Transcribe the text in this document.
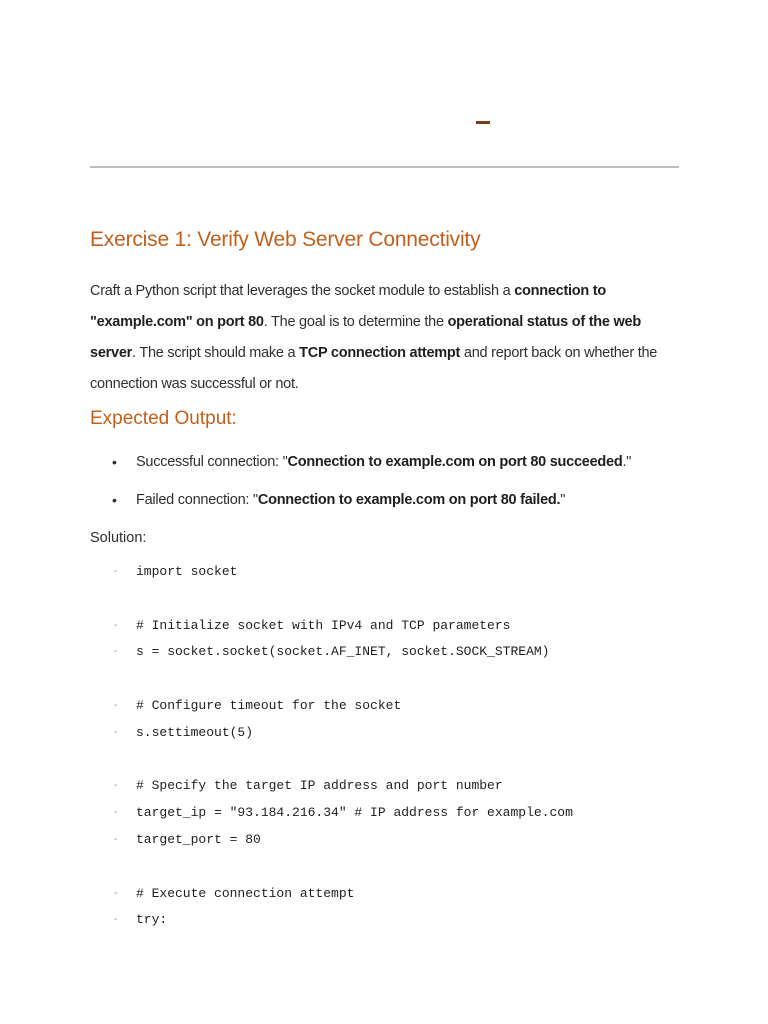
Exercise 1: Verify Web Server Connectivity

Craft a Python script that leverages the socket module to establish a connection to "example.com" on port 80. The goal is to determine the operational status of the web server. The script should make a TCP connection attempt and report back on whether the connection was successful or not.

Expected Output:
• Successful connection: "Connection to example.com on port 80 succeeded."
• Failed connection: "Connection to example.com on port 80 failed."

Solution:

- import socket
- # Initialize socket with IPv4 and TCP parameters
- s = socket.socket(socket.AF_INET, socket.SOCK_STREAM)
- # Configure timeout for the socket
- s.settimeout(5)
- # Specify the target IP address and port number
- target_ip = "93.184.216.34" # IP address for example.com
- target_port = 80
- # Execute connection attempt
- try:
